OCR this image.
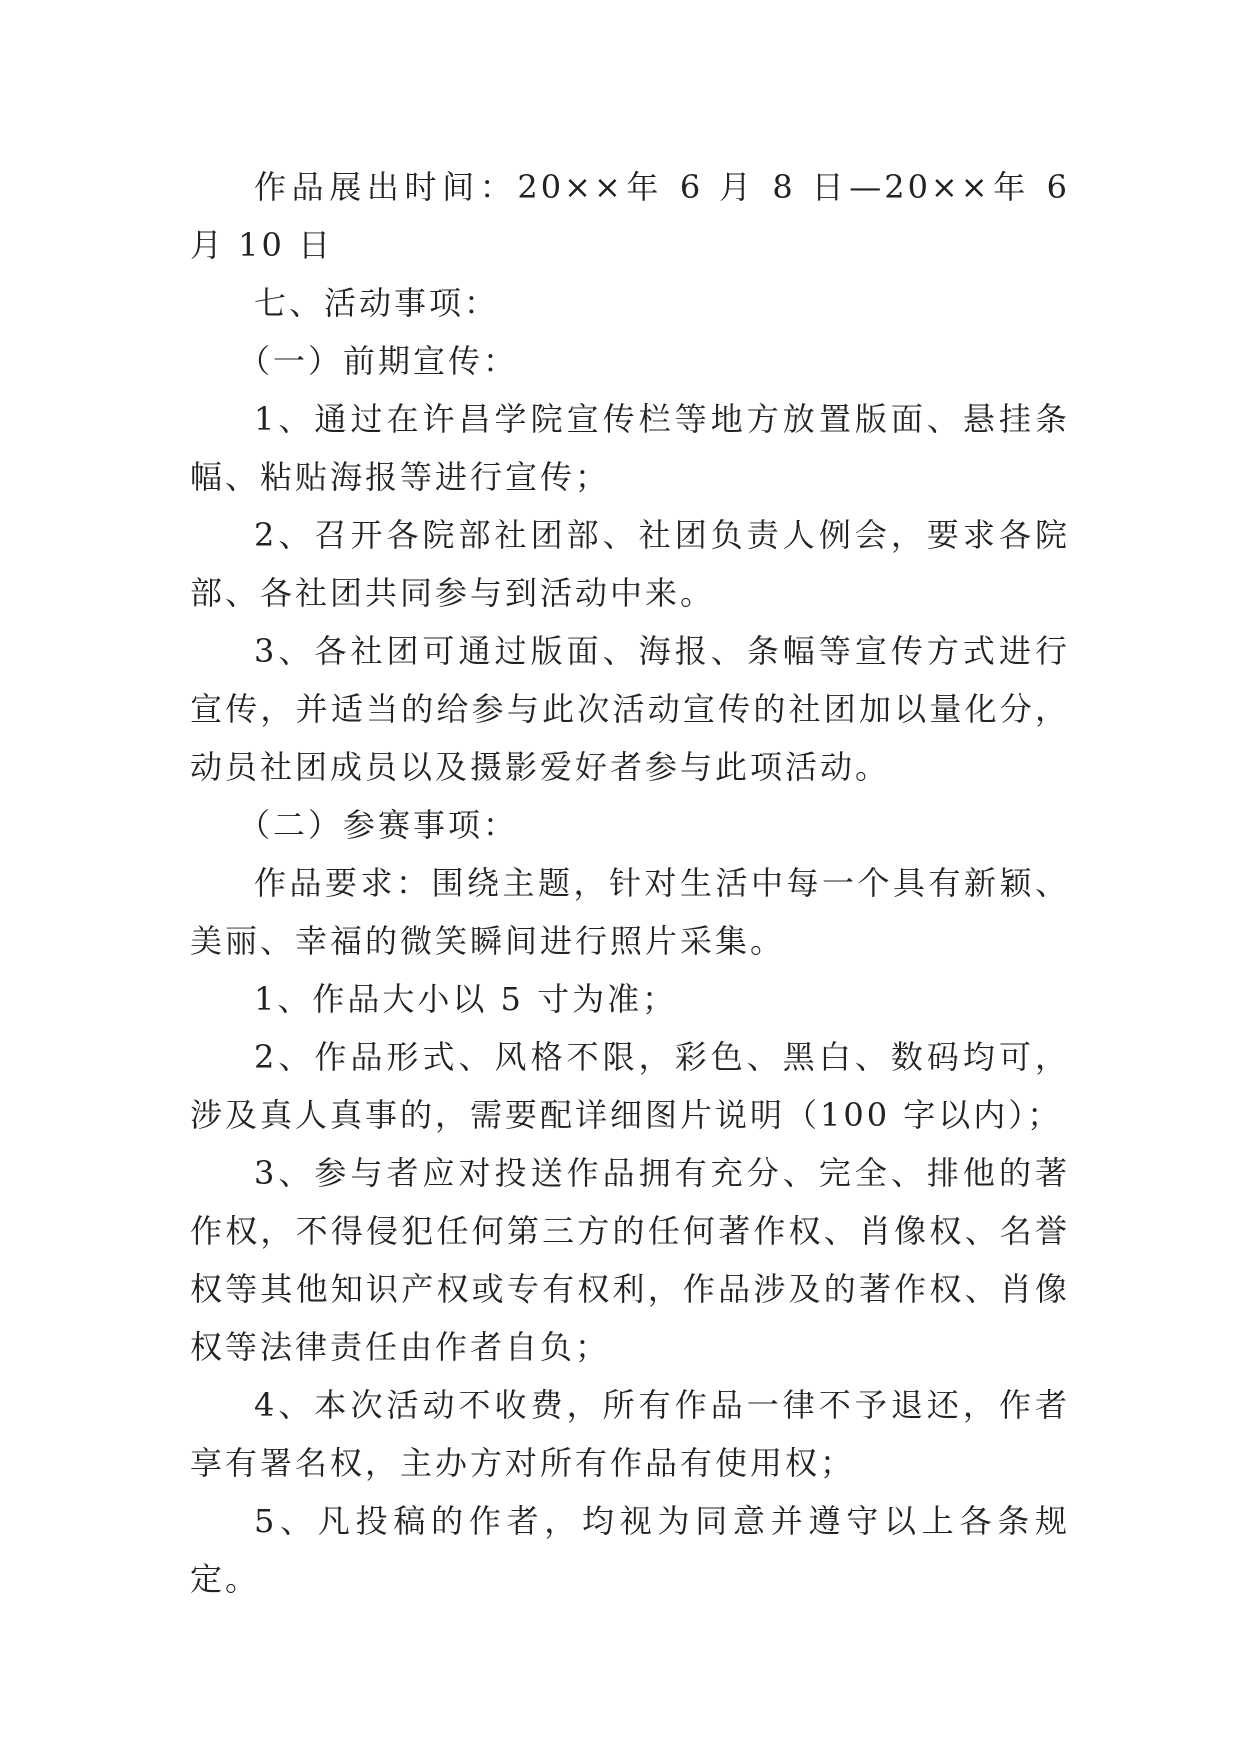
作品展出时间：20××年 6 月 8 日—20××年 6 月 10 日

七、活动事项：

（一）前期宣传：

1、通过在许昌学院宣传栏等地方放置版面、悬挂条幅、粘贴海报等进行宣传；

2、召开各院部社团部、社团负责人例会，要求各院部、各社团共同参与到活动中来。

3、各社团可通过版面、海报、条幅等宣传方式进行宣传，并适当的给参与此次活动宣传的社团加以量化分，动员社团成员以及摄影爱好者参与此项活动。

（二）参赛事项：

作品要求：围绕主题，针对生活中每一个具有新颖、美丽、幸福的微笑瞬间进行照片采集。

1、作品大小以 5 寸为准；

2、作品形式、风格不限，彩色、黑白、数码均可，涉及真人真事的，需要配详细图片说明（100 字以内）；

3、参与者应对投送作品拥有充分、完全、排他的著作权，不得侵犯任何第三方的任何著作权、肖像权、名誉权等其他知识产权或专有权利，作品涉及的著作权、肖像权等法律责任由作者自负；

4、本次活动不收费，所有作品一律不予退还，作者享有署名权，主办方对所有作品有使用权；

5、凡投稿的作者，均视为同意并遵守以上各条规定。
